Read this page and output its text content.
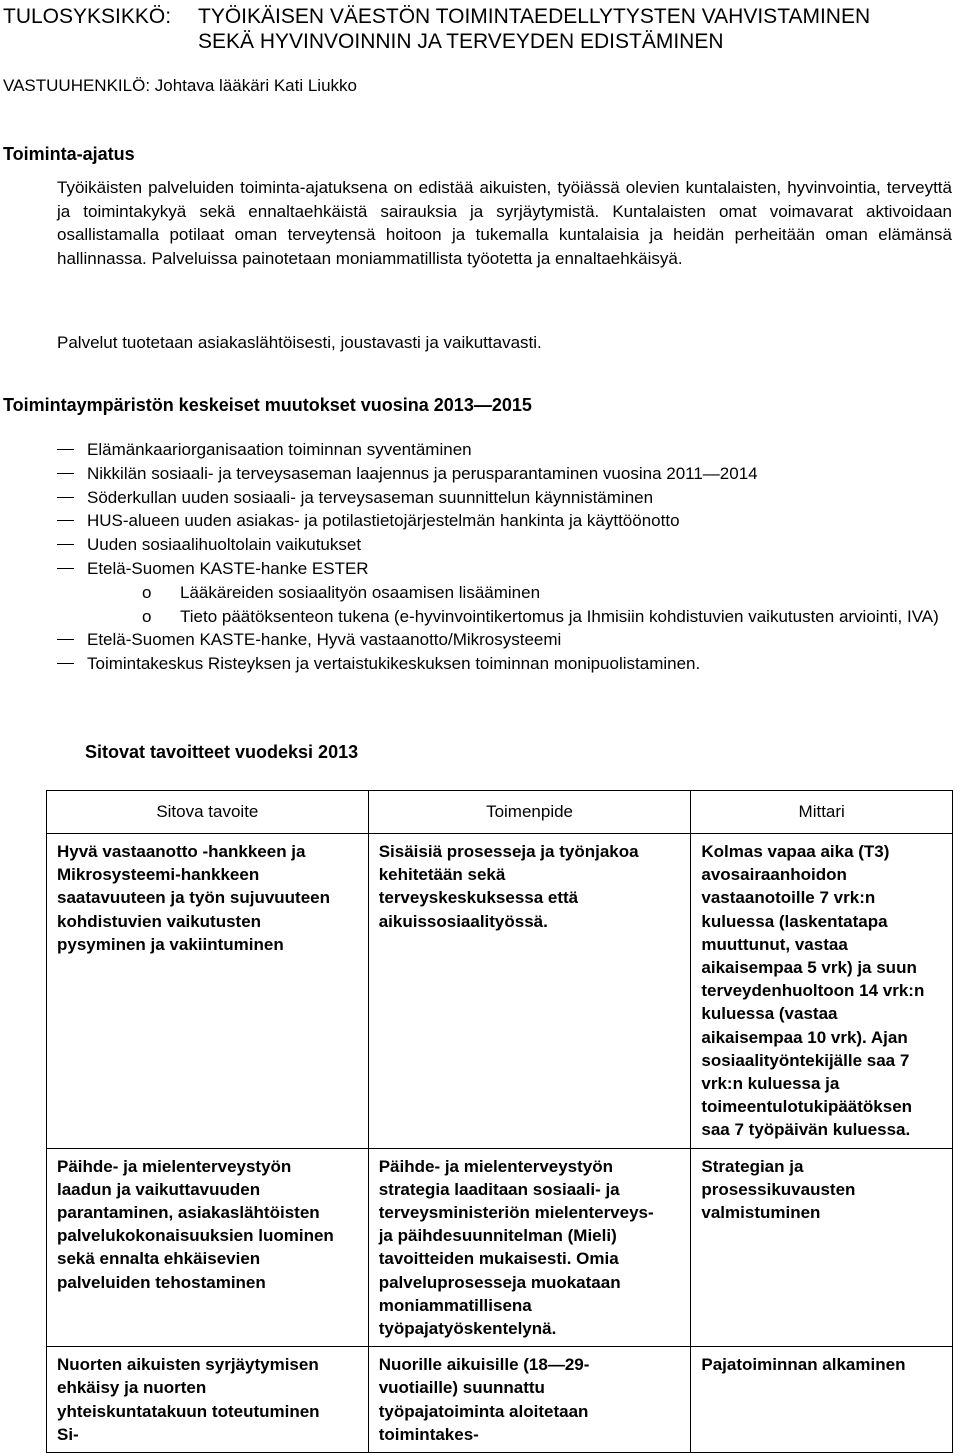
TULOSYKSIKKÖ: TYÖIKÄISEN VÄESTÖN TOIMINTAEDELLYTYSTEN VAHVISTAMINEN
SEKÄ HYVINVOINNIN JA TERVEYDEN EDISTÄMINEN
VASTUUHENKILÖ: Johtava lääkäri Kati Liukko
Toiminta-ajatus
Työikäisten palveluiden toiminta-ajatuksena on edistää aikuisten, työiässä olevien kuntalaisten, hyvinvointia, terveyttä ja toimintakykyä sekä ennaltaehkäistä sairauksia ja syrjäytymistä. Kuntalaisten omat voimavarat aktivoidaan osallistamalla potilaat oman terveytensä hoitoon ja tukemalla kuntalaisia ja heidän perheitään oman elämänsä hallinnassa. Palveluissa painotetaan moniammatillista työotetta ja ennaltaehkäisyä.
Palvelut tuotetaan asiakaslähtöisesti, joustavasti ja vaikuttavasti.
Toimintaympäristön keskeiset muutokset vuosina 2013—2015
Elämänkaariorganisaation toiminnan syventäminen
Nikkilän sosiaali- ja terveysaseman laajennus ja perusparantaminen vuosina 2011—2014
Söderkullan uuden sosiaali- ja terveysaseman suunnittelun käynnistäminen
HUS-alueen uuden asiakas- ja potilastietojärjestelmän hankinta ja käyttöönotto
Uuden sosiaalihuoltolain vaikutukset
Etelä-Suomen KASTE-hanke ESTER
o Lääkäreiden sosiaalityön osaamisen lisääminen
o Tieto päätöksenteon tukena (e-hyvinvointikertomus ja Ihmisiin kohdistuvien vaikutusten arviointi, IVA)
Etelä-Suomen KASTE-hanke, Hyvä vastaanotto/Mikrosysteemi
Toimintakeskus Risteyksen ja vertaistukikeskuksen toiminnan monipuolistaminen.
Sitovat tavoitteet vuodeksi 2013
Sitova tavoite	Toimenpide	Mittari

Hyvä vastaanotto -hankkeen ja Mikrosysteemi-hankkeen saatavuuteen ja työn sujuvuuteen kohdistuvien vaikutusten pysyminen ja vakiintuminen	Sisäisiä prosesseja ja työnjakoa kehitetään sekä terveyskeskuksessa että aikuissosiaalityössä.	Kolmas vapaa aika (T3) avosairaanhoidon vastaanotoille 7 vrk:n kuluessa (laskentatapa muuttunut, vastaa aikaisempaa 5 vrk) ja suun terveydenhuoltoon 14 vrk:n kuluessa (vastaa aikaisempaa 10 vrk). Ajan sosiaalityöntekijälle saa 7 vrk:n kuluessa ja toimeentulotukipäätöksen saa 7 työpäivän kuluessa.

Päihde- ja mielenterveystyön laadun ja vaikuttavuuden parantaminen, asiakaslähtöisten palvelukokonaisuuksien luominen sekä ennalta ehkäisevien palveluiden tehostaminen	Päihde- ja mielenterveystyön strategia laaditaan sosiaali- ja terveysministeriön mielenterveys- ja päihdesuunnitelman (Mieli) tavoitteiden mukaisesti. Omia palveluprosesseja muokataan moniammatillisena työpajatyöskentelynä.	Strategian ja prosessikuvausten valmistuminen

Nuorten aikuisten syrjäytymisen ehkäisy ja nuorten yhteiskuntatakuun toteutuminen Si-	Nuorille aikuisille (18—29-vuotiaille) suunnattu työpajatoiminta aloitetaan toimintakes-	Pajatoiminnan alkaminen
